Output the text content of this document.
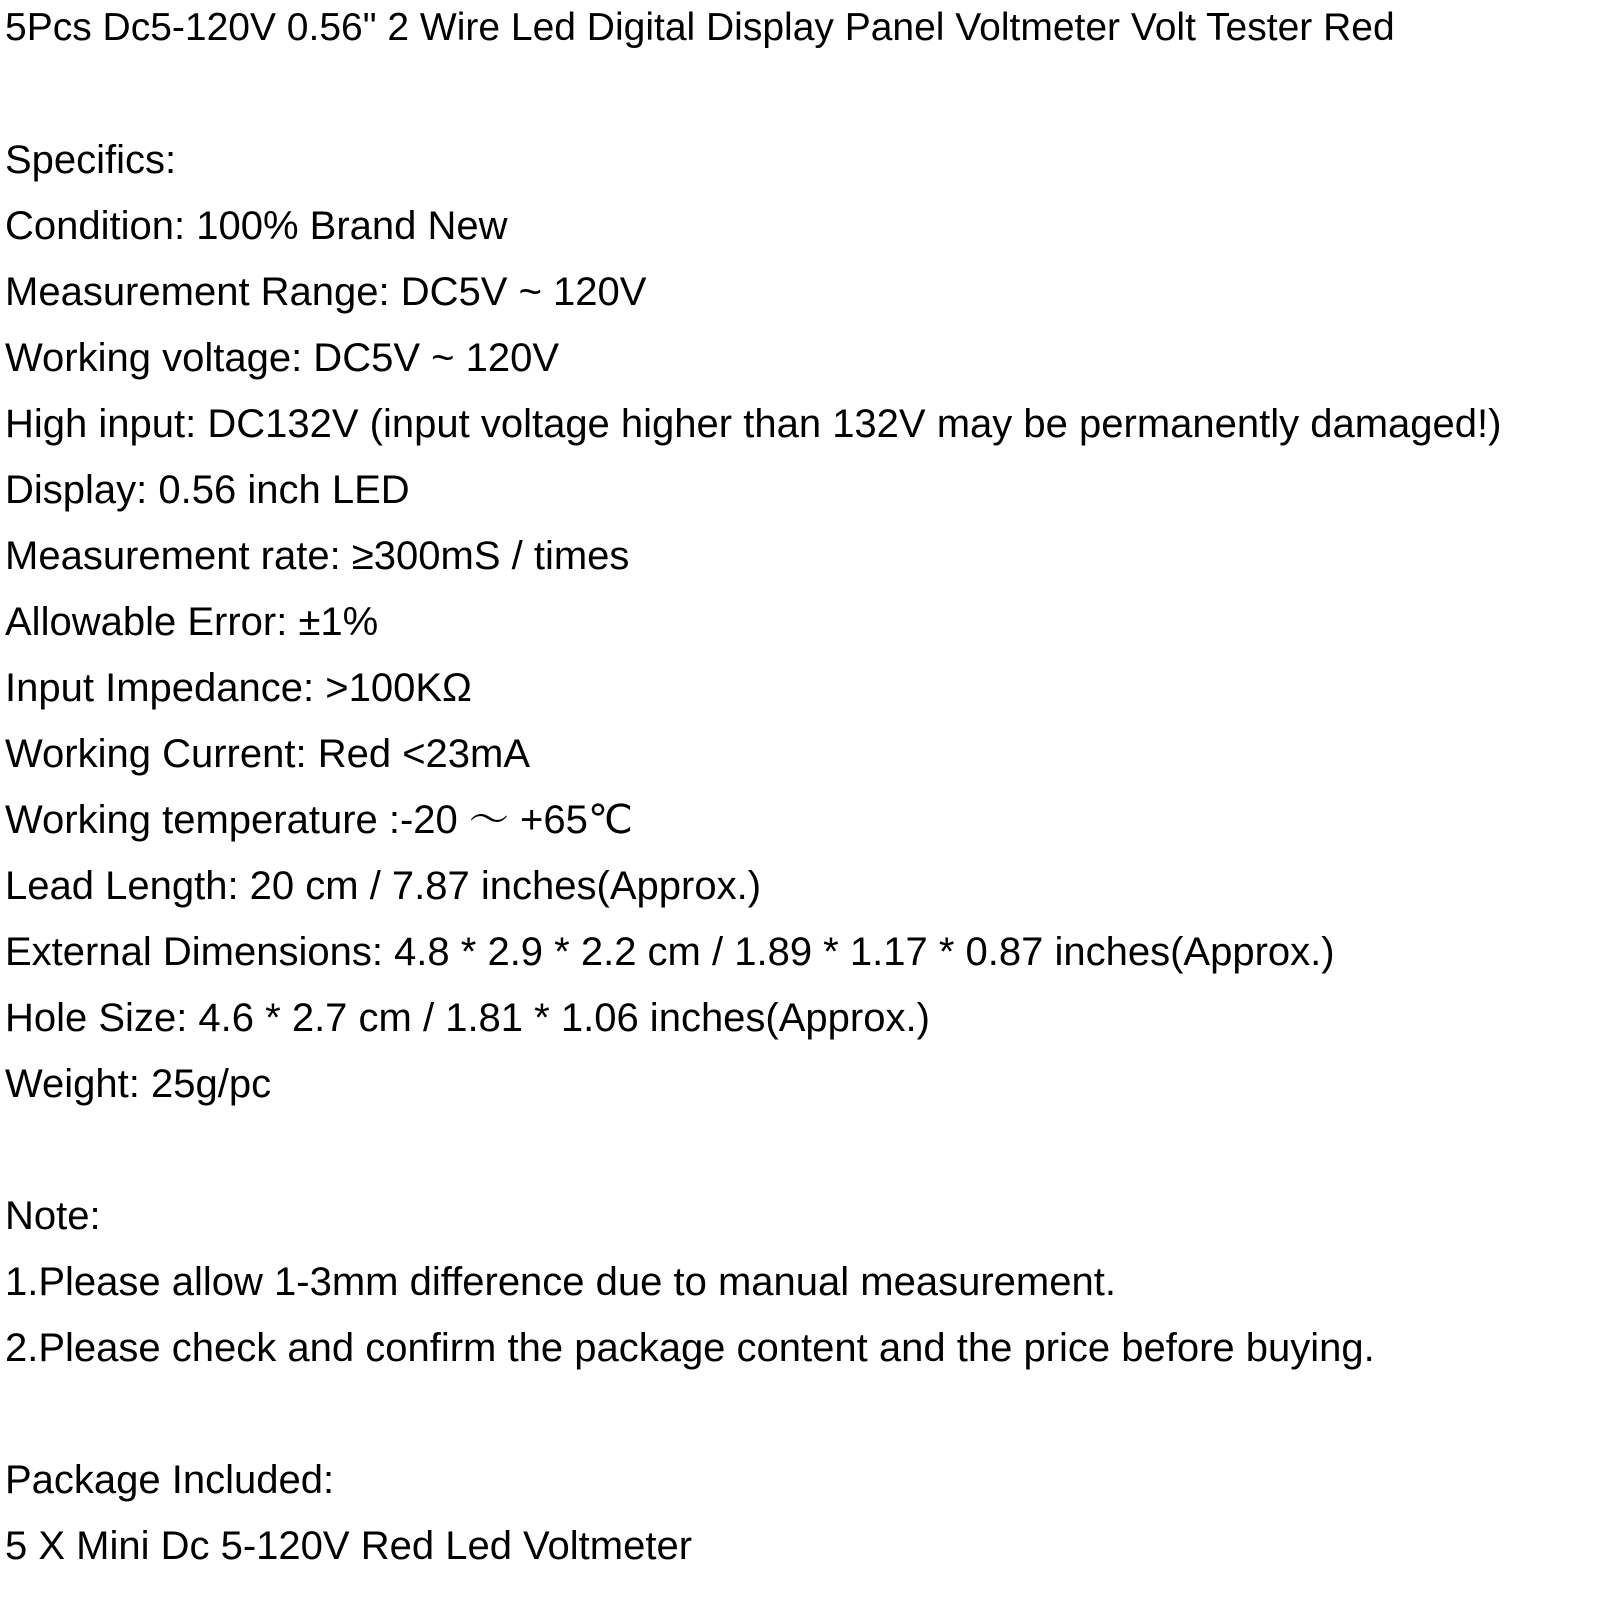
5Pcs Dc5-120V 0.56" 2 Wire Led Digital Display Panel Voltmeter Volt Tester Red
Specifics:
Condition: 100% Brand New
Measurement Range: DC5V ~ 120V
Working voltage: DC5V ~ 120V
High input: DC132V (input voltage higher than 132V may be permanently damaged!)
Display: 0.56 inch LED
Measurement rate: ≥300mS / times
Allowable Error: ±1%
Input Impedance: >100KΩ
Working Current: Red <23mA
Working temperature :-20 ～ +65℃
Lead Length: 20 cm / 7.87 inches(Approx.)
External Dimensions: 4.8 * 2.9 * 2.2 cm / 1.89 * 1.17 * 0.87 inches(Approx.)
Hole Size: 4.6 * 2.7 cm / 1.81 * 1.06 inches(Approx.)
Weight: 25g/pc
Note:
1.Please allow 1-3mm difference due to manual measurement.
2.Please check and confirm the package content and the price before buying.
Package Included:
5 X Mini Dc 5-120V Red Led Voltmeter
